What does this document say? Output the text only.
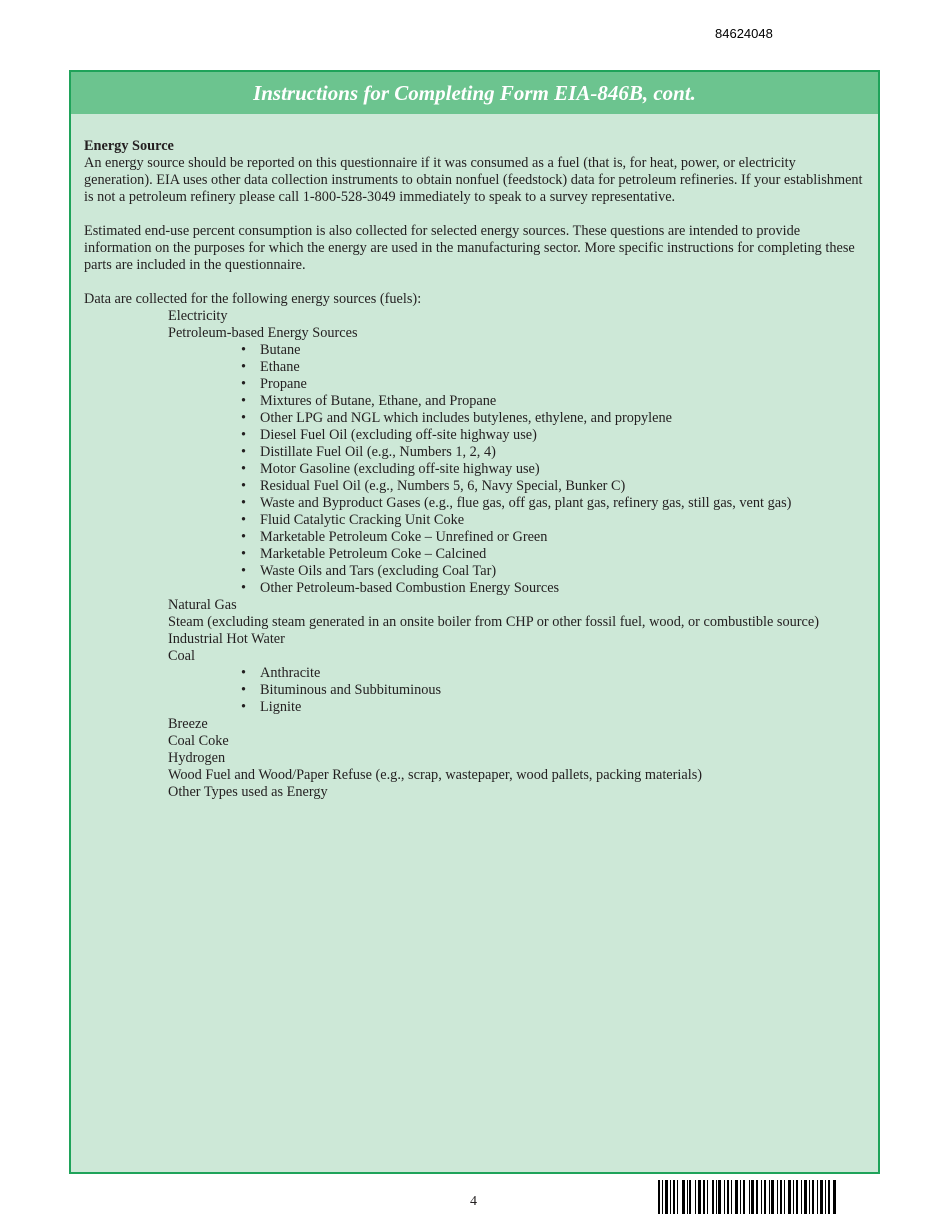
84624048
Instructions for Completing Form EIA-846B, cont.

Energy Source

An energy source should be reported on this questionnaire if it was consumed as a fuel (that is, for heat, power, or electricity generation). EIA uses other data collection instruments to obtain nonfuel (feedstock) data for petroleum refineries. If your establishment is not a petroleum refinery please call 1-800-528-3049 immediately to speak to a survey representative.

Estimated end-use percent consumption is also collected for selected energy sources. These questions are intended to provide information on the purposes for which the energy are used in the manufacturing sector. More specific instructions for completing these parts are included in the questionnaire.

Data are collected for the following energy sources (fuels):

Electricity
Petroleum-based Energy Sources
• Butane
• Ethane
• Propane
• Mixtures of Butane, Ethane, and Propane
• Other LPG and NGL which includes butylenes, ethylene, and propylene
• Diesel Fuel Oil (excluding off-site highway use)
• Distillate Fuel Oil (e.g., Numbers 1, 2, 4)
• Motor Gasoline (excluding off-site highway use)
• Residual Fuel Oil (e.g., Numbers 5, 6, Navy Special, Bunker C)
• Waste and Byproduct Gases (e.g., flue gas, off gas, plant gas, refinery gas, still gas, vent gas)
• Fluid Catalytic Cracking Unit Coke
• Marketable Petroleum Coke – Unrefined or Green
• Marketable Petroleum Coke – Calcined
• Waste Oils and Tars (excluding Coal Tar)
• Other Petroleum-based Combustion Energy Sources
Natural Gas
Steam (excluding steam generated in an onsite boiler from CHP or other fossil fuel, wood, or combustible source)
Industrial Hot Water
Coal
• Anthracite
• Bituminous and Subbituminous
• Lignite
Breeze
Coal Coke
Hydrogen
Wood Fuel and Wood/Paper Refuse (e.g., scrap, wastepaper, wood pallets, packing materials)
Other Types used as Energy
4
